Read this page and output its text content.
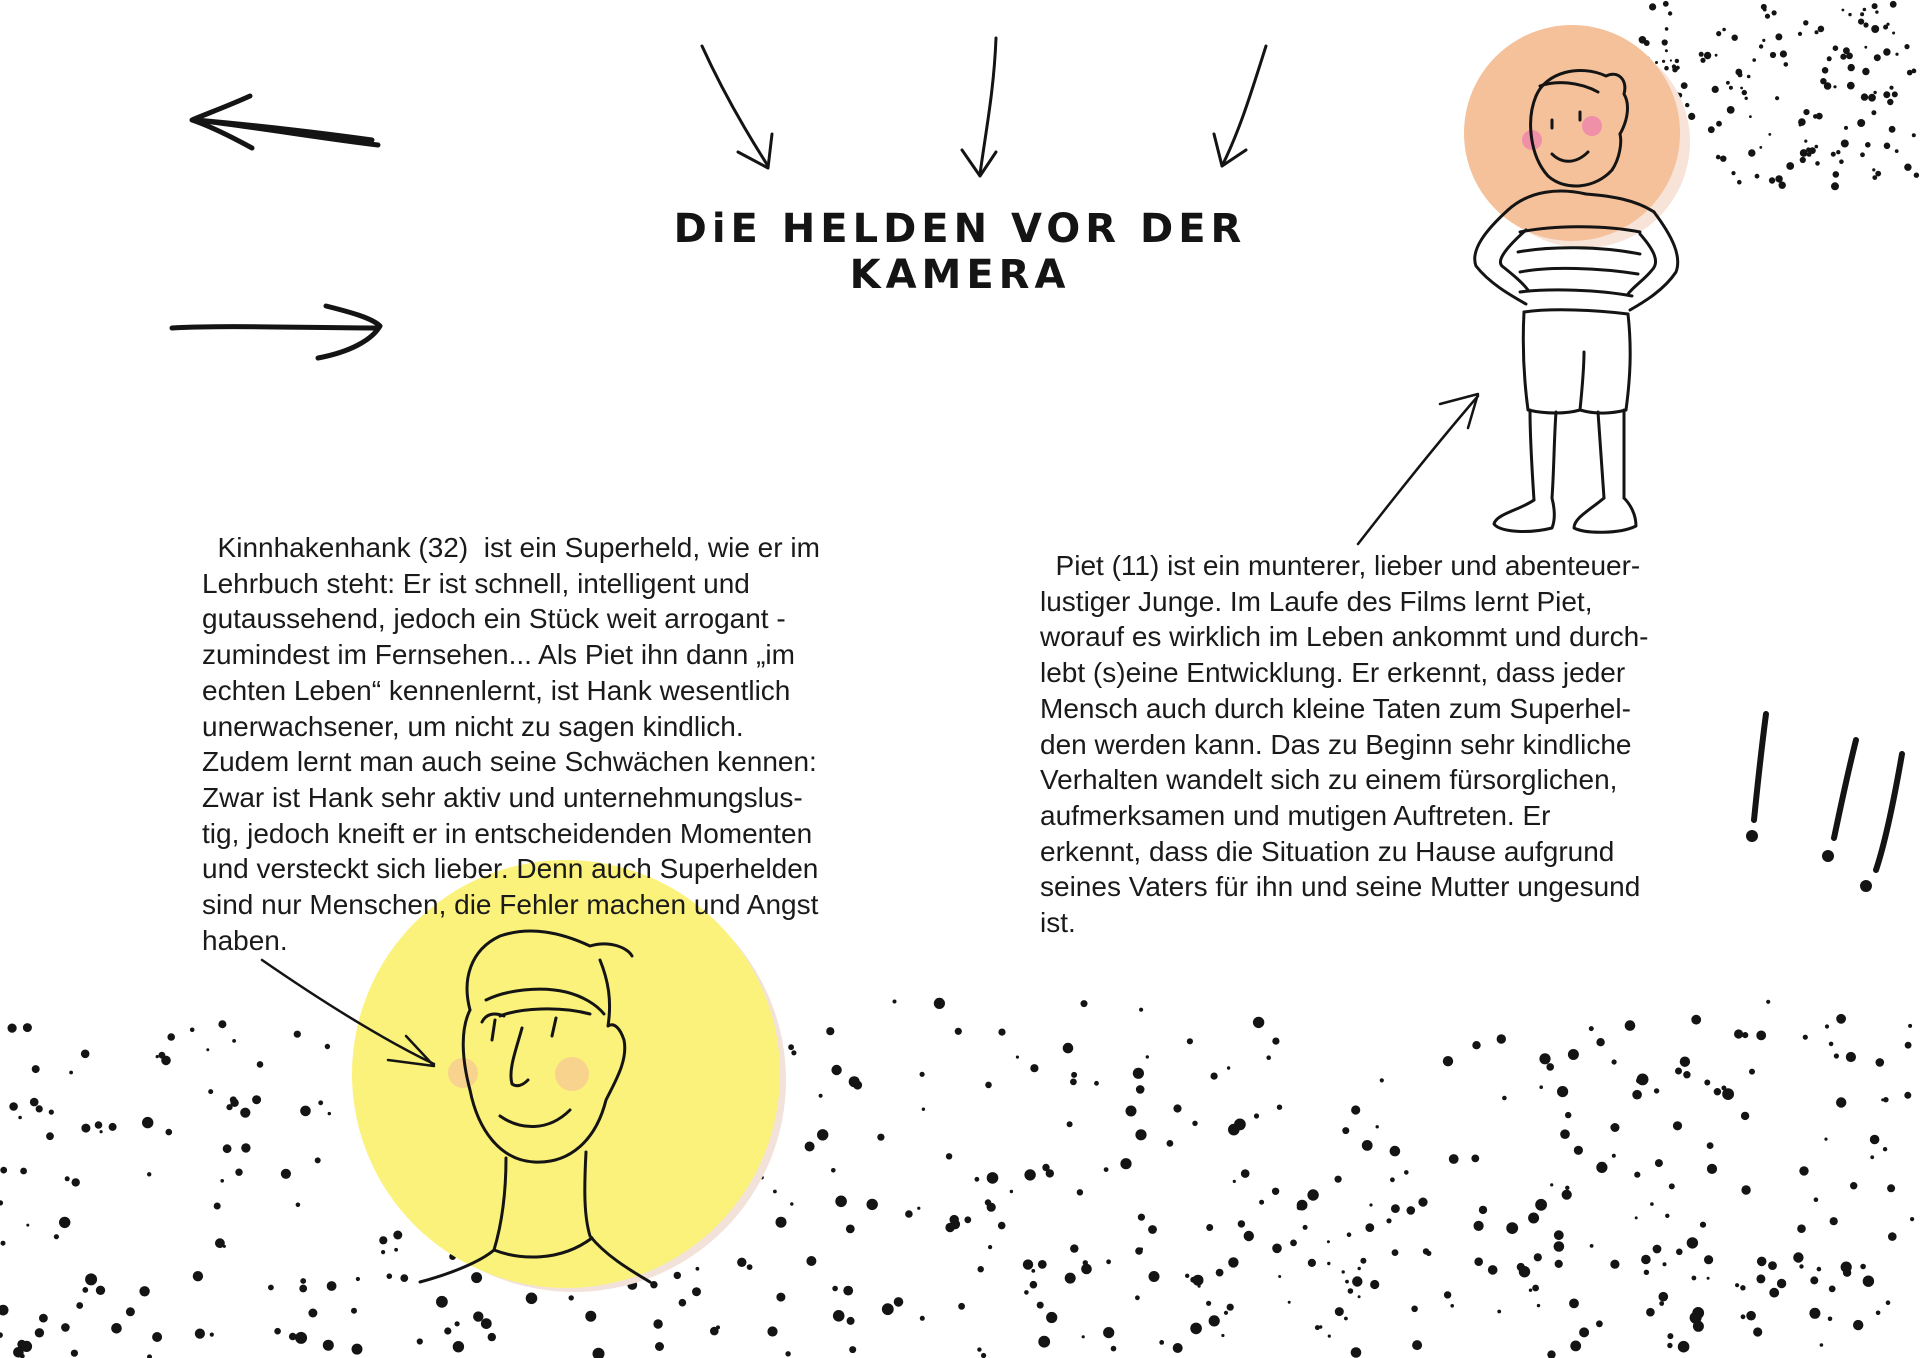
DiE HELDEN VOR DER KAMERA

Kinnhakenhank (32)  ist ein Superheld, wie er im
Lehrbuch steht: Er ist schnell, intelligent und
gutaussehend, jedoch ein Stück weit arrogant -
zumindest im Fernsehen... Als Piet ihn dann „im
echten Leben“ kennenlernt, ist Hank wesentlich
unerwachsener, um nicht zu sagen kindlich.
Zudem lernt man auch seine Schwächen kennen:
Zwar ist Hank sehr aktiv und unternehmungslus-
tig, jedoch kneift er in entscheidenden Momenten
und versteckt sich lieber. Denn auch Superhelden
sind nur Menschen, die Fehler machen und Angst
haben.

Piet (11) ist ein munterer, lieber und abenteuer-
lustiger Junge. Im Laufe des Films lernt Piet,
worauf es wirklich im Leben ankommt und durch-
lebt (s)eine Entwicklung. Er erkennt, dass jeder
Mensch auch durch kleine Taten zum Superhel-
den werden kann. Das zu Beginn sehr kindliche
Verhalten wandelt sich zu einem fürsorglichen,
aufmerksamen und mutigen Auftreten. Er
erkennt, dass die Situation zu Hause aufgrund
seines Vaters für ihn und seine Mutter ungesund
ist.
